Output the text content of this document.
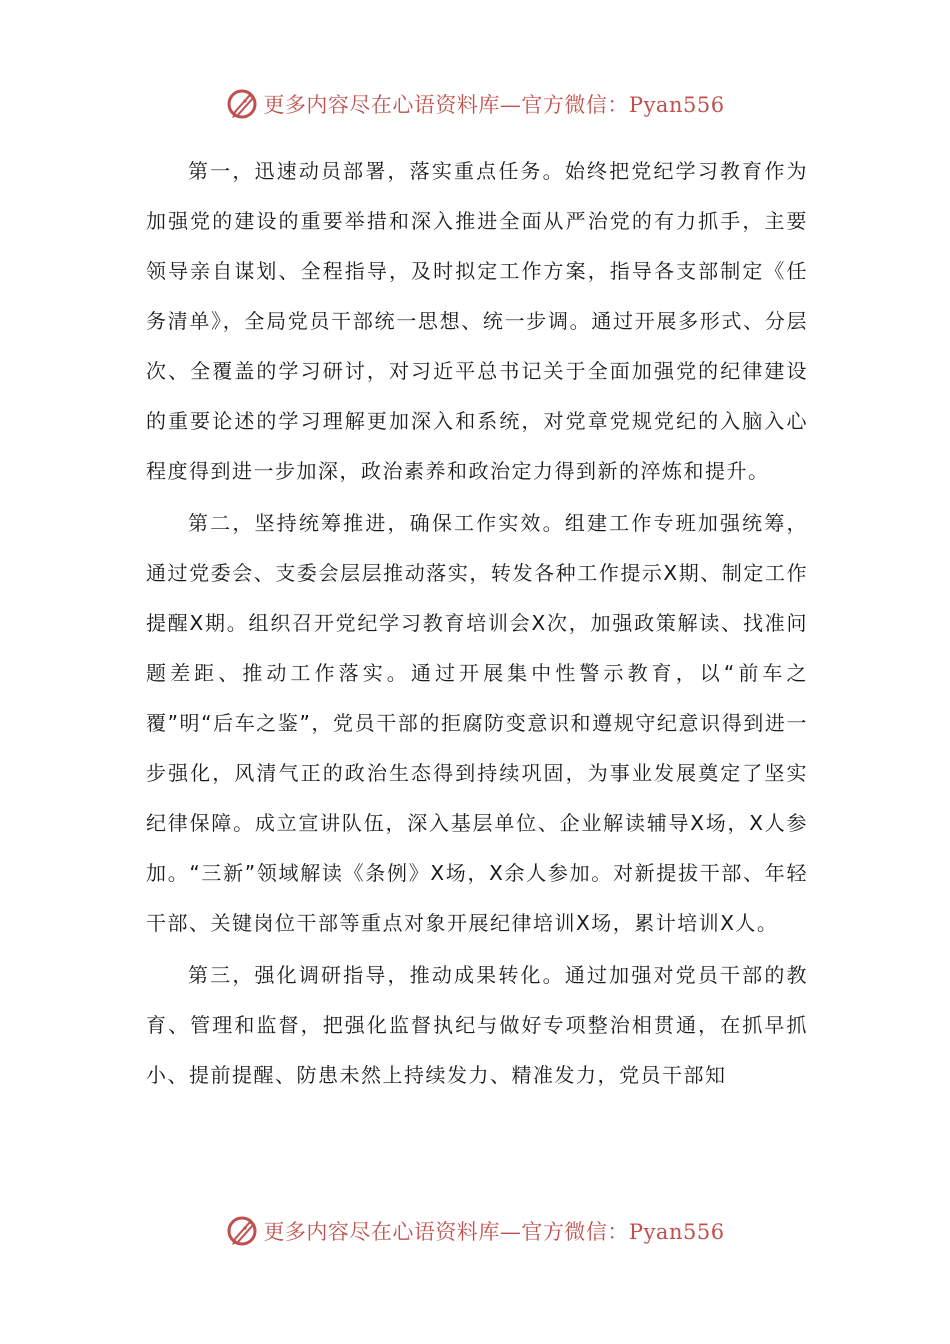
更多内容尽在心语资料库—官方微信：Pyan556

第一，迅速动员部署，落实重点任务。始终把党纪学习教育作为加强党的建设的重要举措和深入推进全面从严治党的有力抓手，主要领导亲自谋划、全程指导，及时拟定工作方案，指导各支部制定《任务清单》，全局党员干部统一思想、统一步调。通过开展多形式、分层次、全覆盖的学习研讨，对习近平总书记关于全面加强党的纪律建设的重要论述的学习理解更加深入和系统，对党章党规党纪的入脑入心程度得到进一步加深，政治素养和政治定力得到新的淬炼和提升。

第二，坚持统筹推进，确保工作实效。组建工作专班加强统筹，通过党委会、支委会层层推动落实，转发各种工作提示X期、制定工作提醒X期。组织召开党纪学习教育培训会X次，加强政策解读、找准问题差距、推动工作落实。通过开展集中性警示教育，以“前车之覆”明“后车之鉴”，党员干部的拒腐防变意识和遵规守纪意识得到进一步强化，风清气正的政治生态得到持续巩固，为事业发展奠定了坚实纪律保障。成立宣讲队伍，深入基层单位、企业解读辅导X场，X人参加。“三新”领域解读《条例》X场，X余人参加。对新提拔干部、年轻干部、关键岗位干部等重点对象开展纪律培训X场，累计培训X人。

第三，强化调研指导，推动成果转化。通过加强对党员干部的教育、管理和监督，把强化监督执纪与做好专项整治相贯通，在抓早抓小、提前提醒、防患未然上持续发力、精准发力，党员干部知

更多内容尽在心语资料库—官方微信：Pyan556
